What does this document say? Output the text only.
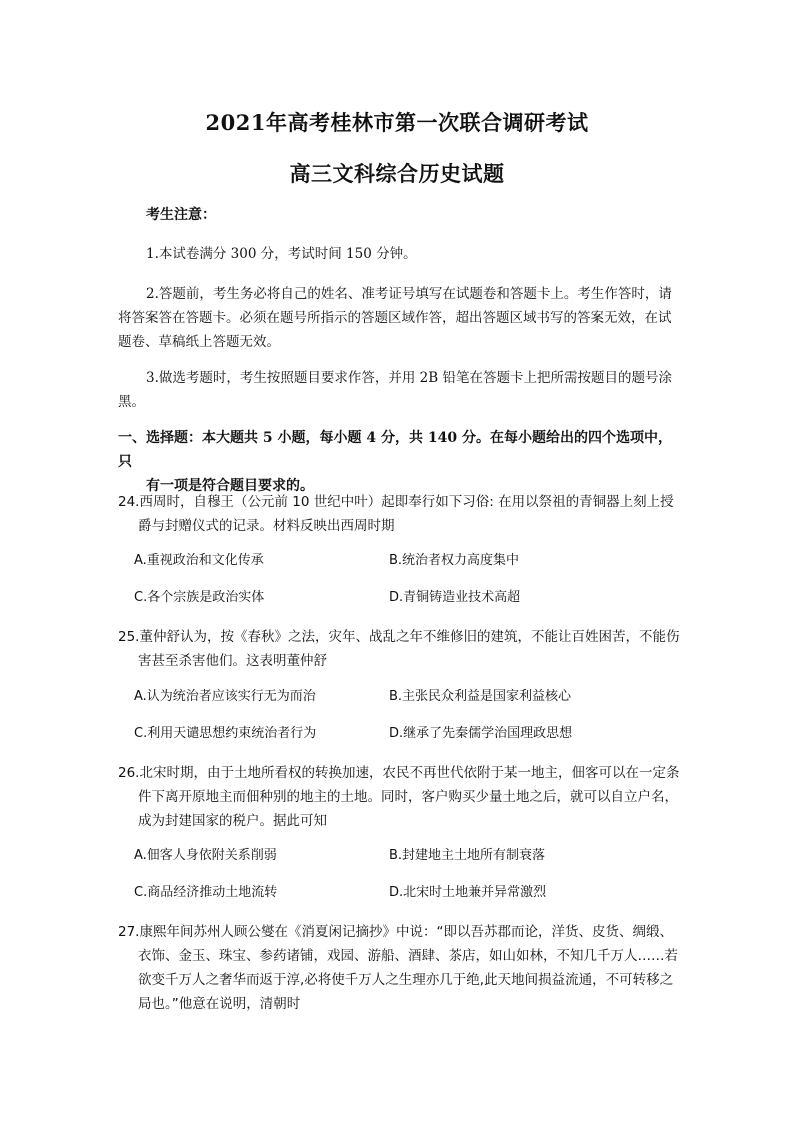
2021年高考桂林市第一次联合调研考试
高三文科综合历史试题
考生注意：
1.本试卷满分 300 分，考试时间 150 分钟。
2.答题前，考生务必将自己的姓名、准考证号填写在试题卷和答题卡上。考生作答时，请将答案答在答题卡。必须在题号所指示的答题区域作答，超出答题区域书写的答案无效，在试题卷、草稿纸上答题无效。
3.做选考题时，考生按照题目要求作答，并用 2B 铅笔在答题卡上把所需按题目的题号涂黑。
一、选择题：本大题共 5 小题，每小题 4 分，共 140 分。在每小题给出的四个选项中，只
有一项是符合题目要求的。
24.西周时，自穆王（公元前 10 世纪中叶）起即奉行如下习俗: 在用以祭祖的青铜器上刻上授爵与封赠仪式的记录。材料反映出西周时期
A.重视政治和文化传承	B.统治者权力高度集中
C.各个宗族是政治实体	D.青铜铸造业技术高超
25.董仲舒认为，按《春秋》之法，灾年、战乱之年不维修旧的建筑，不能让百姓困苦，不能伤害甚至杀害他们。这表明董仲舒
A.认为统治者应该实行无为而治	B.主张民众利益是国家利益核心
C.利用天谴思想约束统治者行为	D.继承了先秦儒学治国理政思想
26.北宋时期，由于土地所看权的转换加速，农民不再世代依附于某一地主，佃客可以在一定条件下离开原地主而佃种别的地主的土地。同时，客户购买少量土地之后，就可以自立户名，成为封建国家的税户。据此可知
A.佃客人身依附关系削弱	B.封建地主土地所有制衰落
C.商品经济推动土地流转	D.北宋时土地兼并异常激烈
27.康熙年间苏州人顾公燮在《消夏闲记摘抄》中说：“即以吾苏郡而论，洋货、皮货、绸缎、衣饰、金玉、珠宝、参药诸铺，戏园、游船、酒肆、茶店，如山如林，不知几千万人……若欲变千万人之奢华而返于淳,必将使千万人之生理亦几于绝,此天地间损益流通，不可转移之局也。”他意在说明，清朝时
